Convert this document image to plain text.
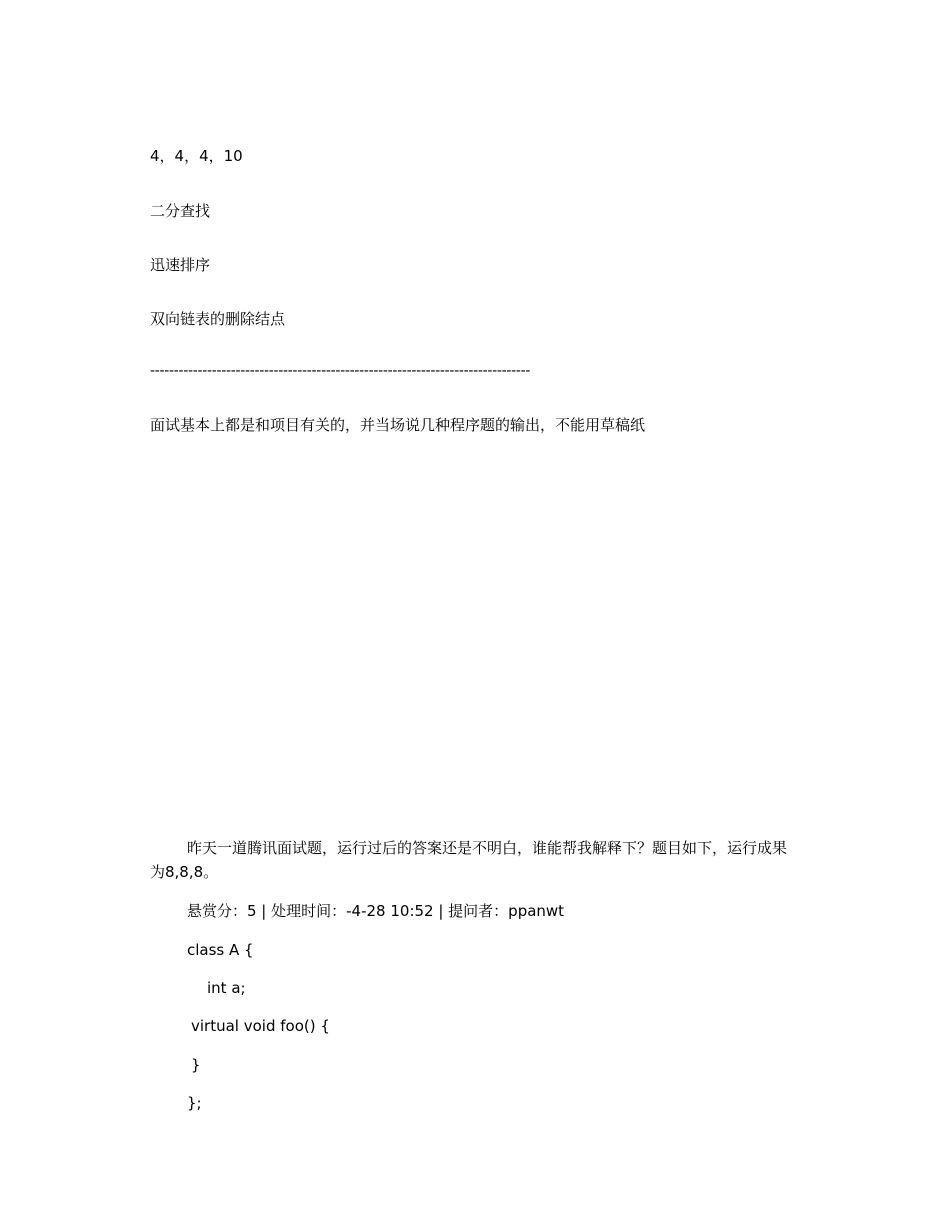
4，4，4，10
二分查找
迅速排序
双向链表的删除结点
--------------------------------------------------------------------------------
面试基本上都是和项目有关的，并当场说几种程序题的输出，不能用草稿纸
昨天一道腾讯面试题，运行过后的答案还是不明白，谁能帮我解释下？题目如下，运行成果为8,8,8。
悬赏分：5 | 处理时间：-4-28 10:52 | 提问者：ppanwt
class A {
int a;
virtual void foo() {
}
};
